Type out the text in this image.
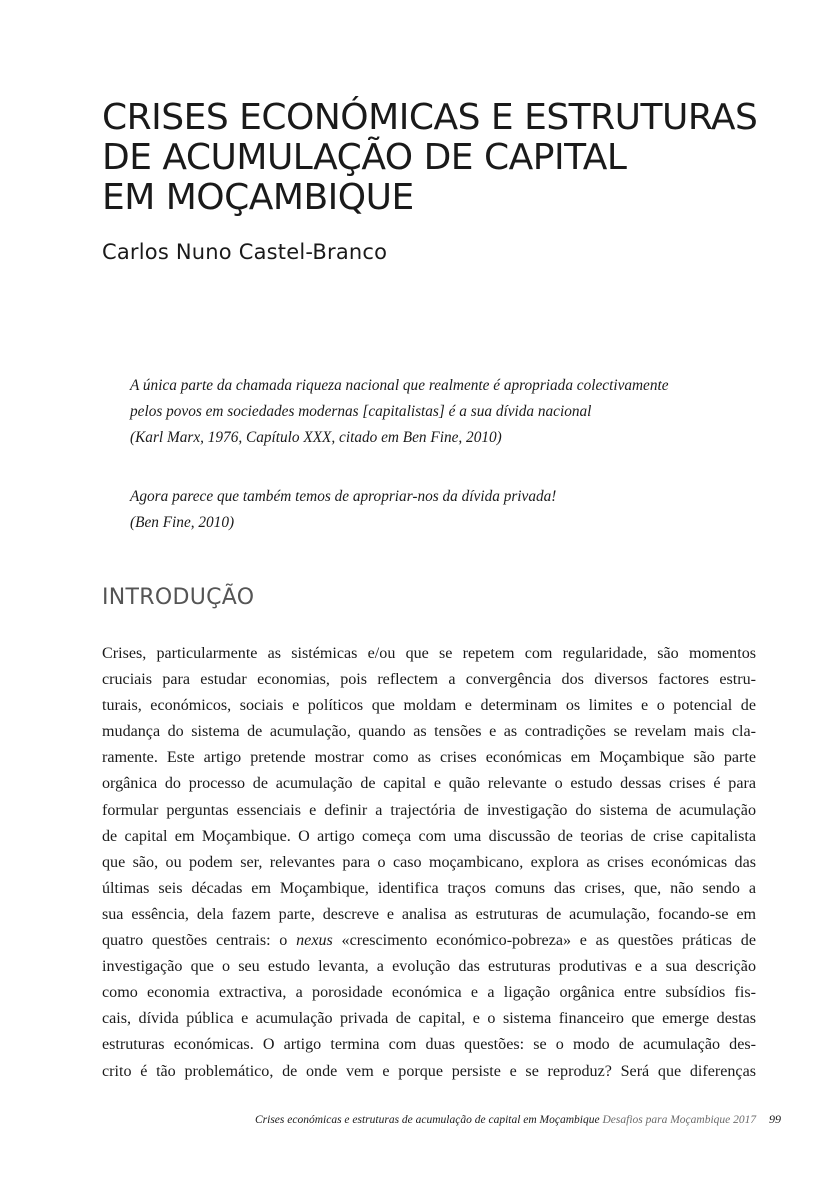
CRISES ECONÓMICAS E ESTRUTURAS
DE ACUMULAÇÃO DE CAPITAL
EM MOÇAMBIQUE
Carlos Nuno Castel-Branco
A única parte da chamada riqueza nacional que realmente é apropriada colectivamente
pelos povos em sociedades modernas [capitalistas] é a sua dívida nacional
(Karl Marx, 1976, Capítulo XXX, citado em Ben Fine, 2010)
Agora parece que também temos de apropriar-nos da dívida privada!
(Ben Fine, 2010)
INTRODUÇÃO
Crises, particularmente as sistémicas e/ou que se repetem com regularidade, são momentos
cruciais para estudar economias, pois reflectem a convergência dos diversos factores estru-
turais, económicos, sociais e políticos que moldam e determinam os limites e o potencial de
mudança do sistema de acumulação, quando as tensões e as contradições se revelam mais cla-
ramente. Este artigo pretende mostrar como as crises económicas em Moçambique são parte
orgânica do processo de acumulação de capital e quão relevante o estudo dessas crises é para
formular perguntas essenciais e definir a trajectória de investigação do sistema de acumulação
de capital em Moçambique. O artigo começa com uma discussão de teorias de crise capitalista
que são, ou podem ser, relevantes para o caso moçambicano, explora as crises económicas das
últimas seis décadas em Moçambique, identifica traços comuns das crises, que, não sendo a
sua essência, dela fazem parte, descreve e analisa as estruturas de acumulação, focando-se em
quatro questões centrais: o nexus «crescimento económico-pobreza» e as questões práticas de
investigação que o seu estudo levanta, a evolução das estruturas produtivas e a sua descrição
como economia extractiva, a porosidade económica e a ligação orgânica entre subsídios fis-
cais, dívida pública e acumulação privada de capital, e o sistema financeiro que emerge destas
estruturas económicas. O artigo termina com duas questões: se o modo de acumulação des-
crito é tão problemático, de onde vem e porque persiste e se reproduz? Será que diferenças
Crises económicas e estruturas de acumulação de capital em Moçambique Desafios para Moçambique 2017 99
